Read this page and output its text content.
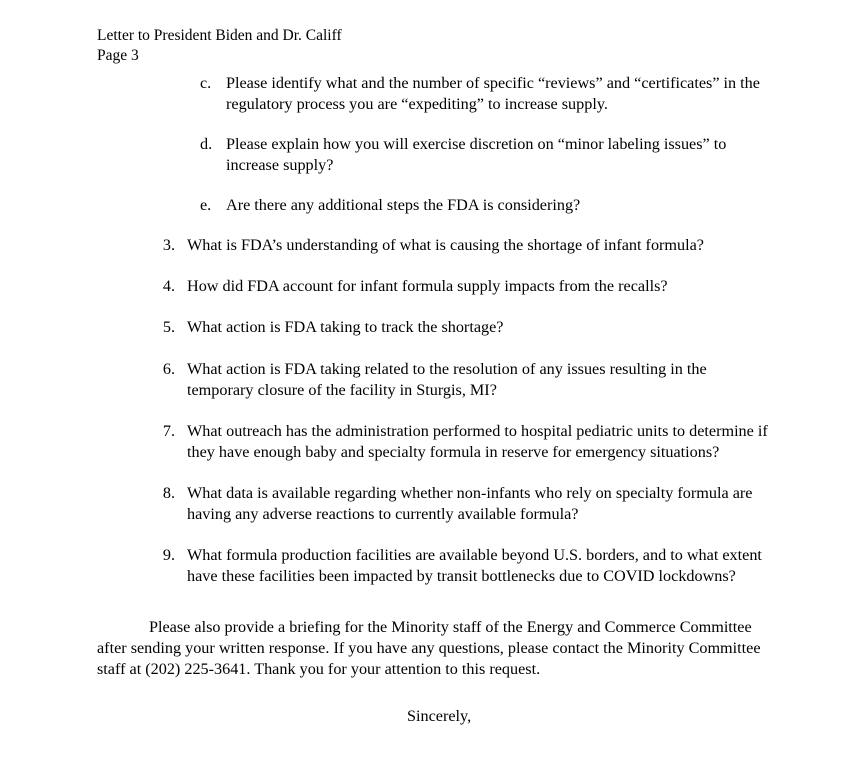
Letter to President Biden and Dr. Califf
Page 3
c. Please identify what and the number of specific “reviews” and “certificates” in the regulatory process you are “expediting” to increase supply.
d. Please explain how you will exercise discretion on “minor labeling issues” to increase supply?
e. Are there any additional steps the FDA is considering?
3. What is FDA’s understanding of what is causing the shortage of infant formula?
4. How did FDA account for infant formula supply impacts from the recalls?
5. What action is FDA taking to track the shortage?
6. What action is FDA taking related to the resolution of any issues resulting in the temporary closure of the facility in Sturgis, MI?
7. What outreach has the administration performed to hospital pediatric units to determine if they have enough baby and specialty formula in reserve for emergency situations?
8. What data is available regarding whether non-infants who rely on specialty formula are having any adverse reactions to currently available formula?
9. What formula production facilities are available beyond U.S. borders, and to what extent have these facilities been impacted by transit bottlenecks due to COVID lockdowns?
Please also provide a briefing for the Minority staff of the Energy and Commerce Committee after sending your written response. If you have any questions, please contact the Minority Committee staff at (202) 225-3641. Thank you for your attention to this request.
Sincerely,
